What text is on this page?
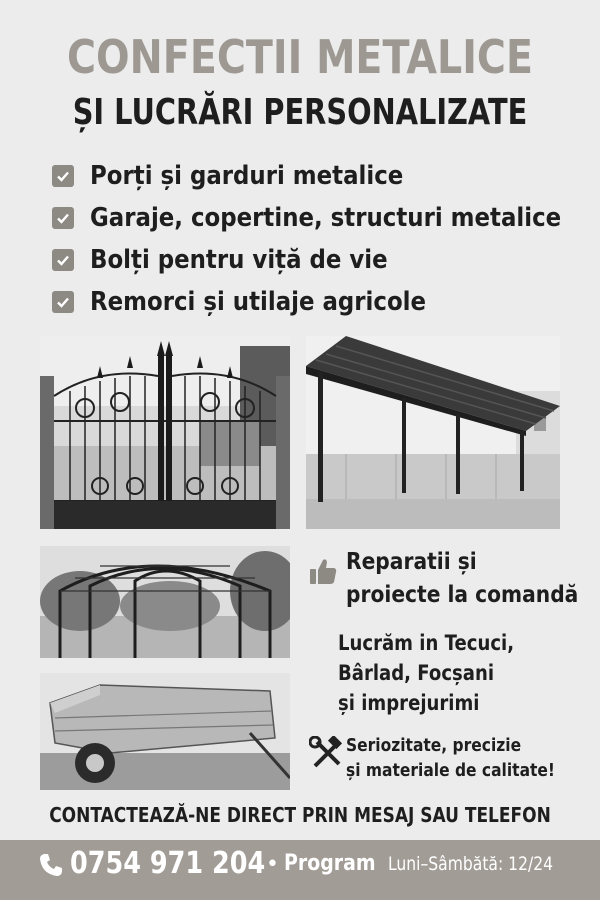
CONFECTII METALICE
ȘI LUCRĂRI PERSONALIZATE
Porți și garduri metalice
Garaje, copertine, structuri metalice
Bolți pentru viță de vie
Remorci și utilaje agricole
Reparatii și
proiecte la comandă
Lucrăm in Tecuci,
Bârlad, Focșani
și imprejurimi
Seriozitate, precizie
și materiale de calitate!
CONTACTEAZĂ-NE DIRECT PRIN MESAJ SAU TELEFON
0754 971 204 • Program Luni–Sâmbătă: 12/24
